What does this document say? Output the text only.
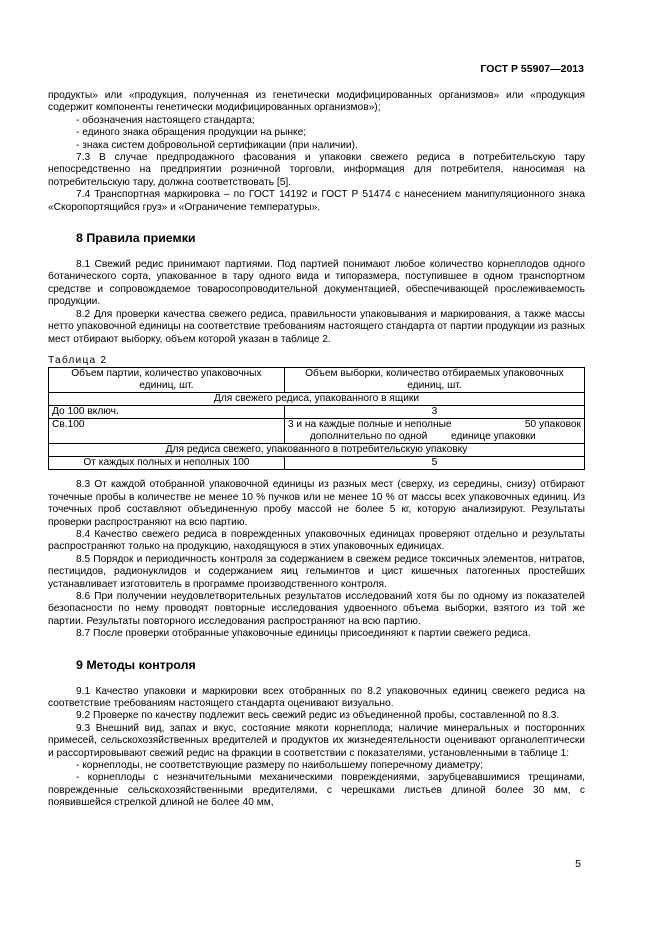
ГОСТ Р 55907—2013

продукты» или «продукция, полученная из генетически модифицированных организмов» или «продукция содержит компоненты генетически модифицированных организмов»);

- обозначения настоящего стандарта;

- единого знака обращения продукции на рынке;

- знака систем добровольной сертификации (при наличии).

7.3 В случае предпродажного фасования и упаковки свежего редиса в потребительскую тару непосредственно на предприятии розничной торговли, информация для потребителя, наносимая на потребительскую тару, должна соответствовать [5].

7.4 Транспортная маркировка – по ГОСТ 14192 и ГОСТ Р 51474 с нанесением манипуляционного знака «Скоропортящийся груз» и «Ограничение температуры».

8 Правила приемки

8.1 Свежий редис принимают партиями. Под партией понимают любое количество корнеплодов одного ботанического сорта, упакованное в тару одного вида и типоразмера, поступившее в одном транспортном средстве и сопровождаемое товаросопроводительной документацией, обеспечивающей прослеживаемость продукции.

8.2 Для проверки качества свежего редиса, правильности упаковывания и маркирования, а также массы нетто упаковочной единицы на соответствие требованиям настоящего стандарта от партии продукции из разных мест отбирают выборку, объем которой указан в таблице 2.

Таблица 2
Объем партии, количество упаковочных единиц, шт.	Объем выборки, количество отбираемых упаковочных единиц, шт.
Для свежего редиса, упакованного в ящики	
До 100 включ.	3
Св.100	3 и на каждые полные и неполные 50 упаковок
дополнительно по одной единице упаковки

Для редиса свежего, упакованного в потребительскую упаковку	
От каждых полных и неполных 100	5

8.3 От каждой отобранной упаковочной единицы из разных мест (сверху, из середины, снизу) отбирают точечные пробы в количестве не менее 10 % пучков или не менее 10 % от массы всех упаковочных единиц. Из точечных проб составляют объединенную пробу массой не более 5 кг, которую анализируют. Результаты проверки распространяют на всю партию.

8.4 Качество свежего редиса в поврежденных упаковочных единицах проверяют отдельно и результаты распространяют только на продукцию, находящуюся в этих упаковочных единицах.

8.5 Порядок и периодичность контроля за содержанием в свежем редисе токсичных элементов, нитратов, пестицидов, радионуклидов и содержанием яиц гельминтов и цист кишечных патогенных простейших устанавливает изготовитель в программе производственного контроля.

8.6 При получении неудовлетворительных результатов исследований хотя бы по одному из показателей безопасности по нему проводят повторные исследования удвоенного объема выборки, взятого из той же партии. Результаты повторного исследования распространяют на всю партию.

8.7 После проверки отобранные упаковочные единицы присоединяют к партии свежего редиса.

9 Методы контроля

9.1 Качество упаковки и маркировки всех отобранных по 8.2 упаковочных единиц свежего редиса на соответствие требованиям настоящего стандарта оценивают визуально.

9.2 Проверке по качеству подлежит весь свежий редис из объединенной пробы, составленной по 8.3.

9.3 Внешний вид, запах и вкус, состояние мякоти корнеплода; наличие минеральных и посторонних примесей, сельскохозяйственных вредителей и продуктов их жизнедеятельности оценивают органолептически и рассортировывают свежий редис на фракции в соответствии с показателями, установленными в таблице 1:

- корнеплоды, не соответствующие размеру по наибольшему поперечному диаметру;

- корнеплоды с незначительными механическими повреждениями, зарубцевавшимися трещинами, поврежденные сельскохозяйственными вредителями, с черешками листьев длиной более 30 мм, с появившейся стрелкой длиной не более 40 мм,

5
